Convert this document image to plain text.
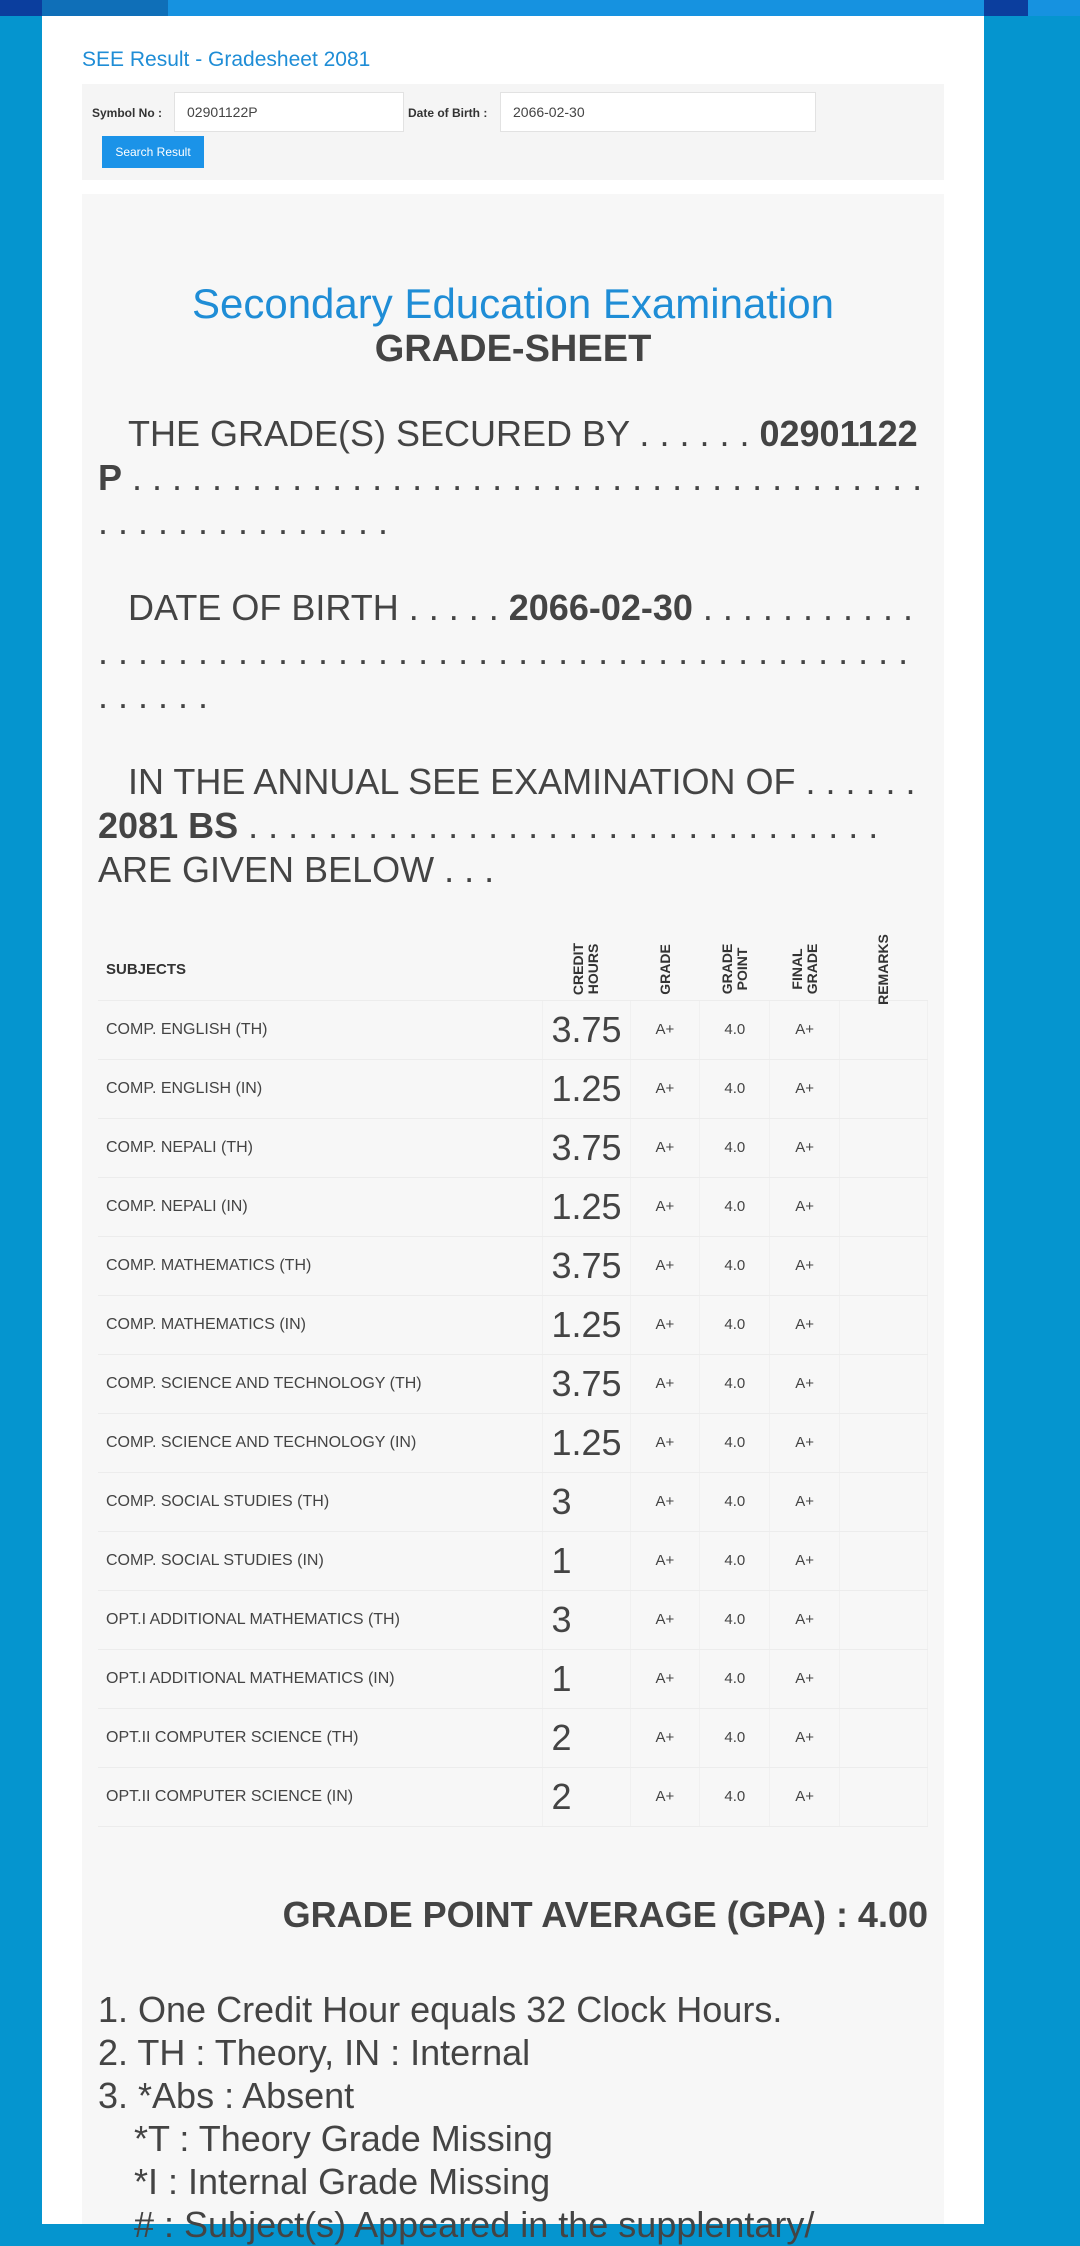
SEE Result - Gradesheet 2081
Symbol No :	02901122P	Date of Birth :	2066-02-30
Search Result
Secondary Education Examination
GRADE-SHEET
THE GRADE(S) SECURED BY . . . . . . 02901122P . . . . . . . . . . . . . . . . . . . . . . . . . . . . . . . . . . . . . . . . . . . . . . . . . . . . . . .
DATE OF BIRTH . . . . . 2066-02-30 . . . . . . . . . . . . . . . . . . . . . . . . . . . . . . . . . . . . . . . . . . . . . . . . . . . . . . . . . .
IN THE ANNUAL SEE EXAMINATION OF . . . . . .
2081 BS . . . . . . . . . . . . . . . . . . . . . . . . . . . . . . . .
ARE GIVEN BELOW . . .
SUBJECTS	CREDIT HOURS	GRADE	GRADE POINT	FINAL GRADE	REMARKS
COMP. ENGLISH (TH)	3.75	A+	4.0	A+	
COMP. ENGLISH (IN)	1.25	A+	4.0	A+	
COMP. NEPALI (TH)	3.75	A+	4.0	A+	
COMP. NEPALI (IN)	1.25	A+	4.0	A+	
COMP. MATHEMATICS (TH)	3.75	A+	4.0	A+	
COMP. MATHEMATICS (IN)	1.25	A+	4.0	A+	
COMP. SCIENCE AND TECHNOLOGY (TH)	3.75	A+	4.0	A+	
COMP. SCIENCE AND TECHNOLOGY (IN)	1.25	A+	4.0	A+	
COMP. SOCIAL STUDIES (TH)	3	A+	4.0	A+	
COMP. SOCIAL STUDIES (IN)	1	A+	4.0	A+	
OPT.I ADDITIONAL MATHEMATICS (TH)	3	A+	4.0	A+	
OPT.I ADDITIONAL MATHEMATICS (IN)	1	A+	4.0	A+	
OPT.II COMPUTER SCIENCE (TH)	2	A+	4.0	A+	
OPT.II COMPUTER SCIENCE (IN)	2	A+	4.0	A+	
GRADE POINT AVERAGE (GPA) : 4.00
1. One Credit Hour equals 32 Clock Hours.
2. TH : Theory, IN : Internal
3. *Abs : Absent
*T : Theory Grade Missing
*I : Internal Grade Missing
# : Subject(s) Appeared in the supplentary/
